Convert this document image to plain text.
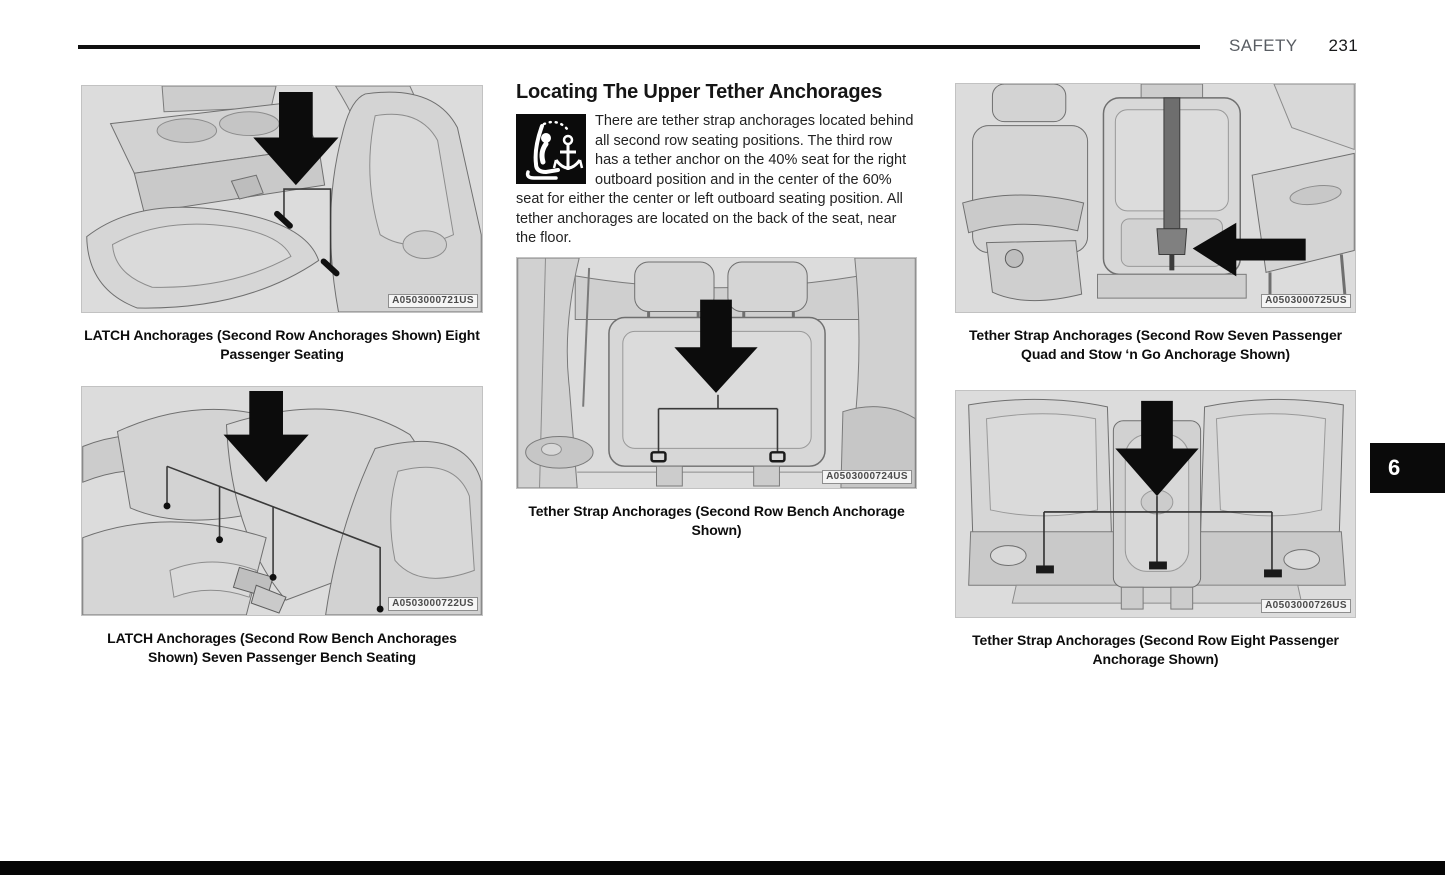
SAFETY 231
6
A0503000721US
LATCH Anchorages (Second Row Anchorages Shown) Eight Passenger Seating
A0503000722US
LATCH Anchorages (Second Row Bench Anchorages Shown) Seven Passenger Bench Seating
Locating The Upper Tether Anchorages
There are tether strap anchorages located behind all second row seating positions. The third row has a tether anchor on the 40% seat for the right outboard position and in the center of the 60% seat for either the center or left outboard seating position. All tether anchorages are located on the back of the seat, near the floor.
A0503000724US
Tether Strap Anchorages (Second Row Bench Anchorage Shown)
A0503000725US
Tether Strap Anchorages (Second Row Seven Passenger Quad and Stow ‘n Go Anchorage Shown)
A0503000726US
Tether Strap Anchorages (Second Row Eight Passenger Anchorage Shown)
